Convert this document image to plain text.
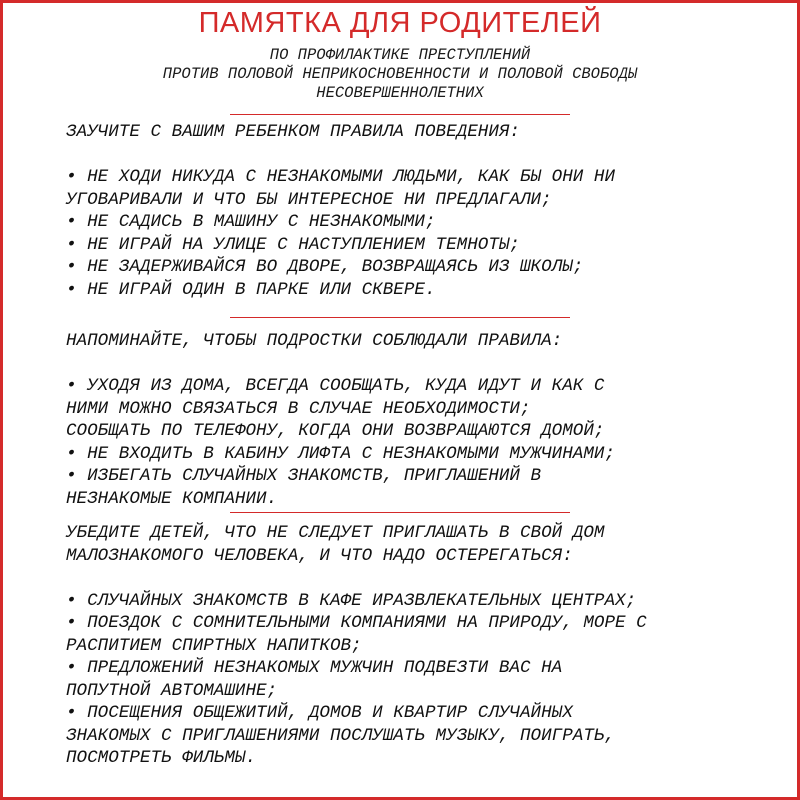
ПАМЯТКА ДЛЯ РОДИТЕЛЕЙ
ПО ПРОФИЛАКТИКЕ ПРЕСТУПЛЕНИЙ
ПРОТИВ ПОЛОВОЙ НЕПРИКОСНОВЕННОСТИ И ПОЛОВОЙ СВОБОДЫ
НЕСОВЕРШЕННОЛЕТНИХ
ЗАУЧИТЕ С ВАШИМ РЕБЕНКОМ ПРАВИЛА ПОВЕДЕНИЯ:
• НЕ ХОДИ НИКУДА С НЕЗНАКОМЫМИ ЛЮДЬМИ, КАК БЫ ОНИ НИ
УГОВАРИВАЛИ И ЧТО БЫ ИНТЕРЕСНОЕ НИ ПРЕДЛАГАЛИ;
• НЕ САДИСЬ В МАШИНУ С НЕЗНАКОМЫМИ;
• НЕ ИГРАЙ НА УЛИЦЕ С НАСТУПЛЕНИЕМ ТЕМНОТЫ;
• НЕ ЗАДЕРЖИВАЙСЯ ВО ДВОРЕ, ВОЗВРАЩАЯСЬ ИЗ ШКОЛЫ;
• НЕ ИГРАЙ ОДИН В ПАРКЕ ИЛИ СКВЕРЕ.
НАПОМИНАЙТЕ, ЧТОБЫ ПОДРОСТКИ СОБЛЮДАЛИ ПРАВИЛА:
• УХОДЯ ИЗ ДОМА, ВСЕГДА СООБЩАТЬ, КУДА ИДУТ И КАК С
НИМИ МОЖНО СВЯЗАТЬСЯ В СЛУЧАЕ НЕОБХОДИМОСТИ;
СООБЩАТЬ ПО ТЕЛЕФОНУ, КОГДА ОНИ ВОЗВРАЩАЮТСЯ ДОМОЙ;
• НЕ ВХОДИТЬ В КАБИНУ ЛИФТА С НЕЗНАКОМЫМИ МУЖЧИНАМИ;
• ИЗБЕГАТЬ СЛУЧАЙНЫХ ЗНАКОМСТВ, ПРИГЛАШЕНИЙ В
НЕЗНАКОМЫЕ КОМПАНИИ.
УБЕДИТЕ ДЕТЕЙ, ЧТО НЕ СЛЕДУЕТ ПРИГЛАШАТЬ В СВОЙ ДОМ
МАЛОЗНАКОМОГО ЧЕЛОВЕКА, И ЧТО НАДО ОСТЕРЕГАТЬСЯ:
• СЛУЧАЙНЫХ ЗНАКОМСТВ В КАФЕ ИРАЗВЛЕКАТЕЛЬНЫХ ЦЕНТРАХ;
• ПОЕЗДОК С СОМНИТЕЛЬНЫМИ КОМПАНИЯМИ НА ПРИРОДУ, МОРЕ С
РАСПИТИЕМ СПИРТНЫХ НАПИТКОВ;
• ПРЕДЛОЖЕНИЙ НЕЗНАКОМЫХ МУЖЧИН ПОДВЕЗТИ ВАС НА
ПОПУТНОЙ АВТОМАШИНЕ;
• ПОСЕЩЕНИЯ ОБЩЕЖИТИЙ, ДОМОВ И КВАРТИР СЛУЧАЙНЫХ
ЗНАКОМЫХ С ПРИГЛАШЕНИЯМИ ПОСЛУШАТЬ МУЗЫКУ, ПОИГРАТЬ,
ПОСМОТРЕТЬ ФИЛЬМЫ.
